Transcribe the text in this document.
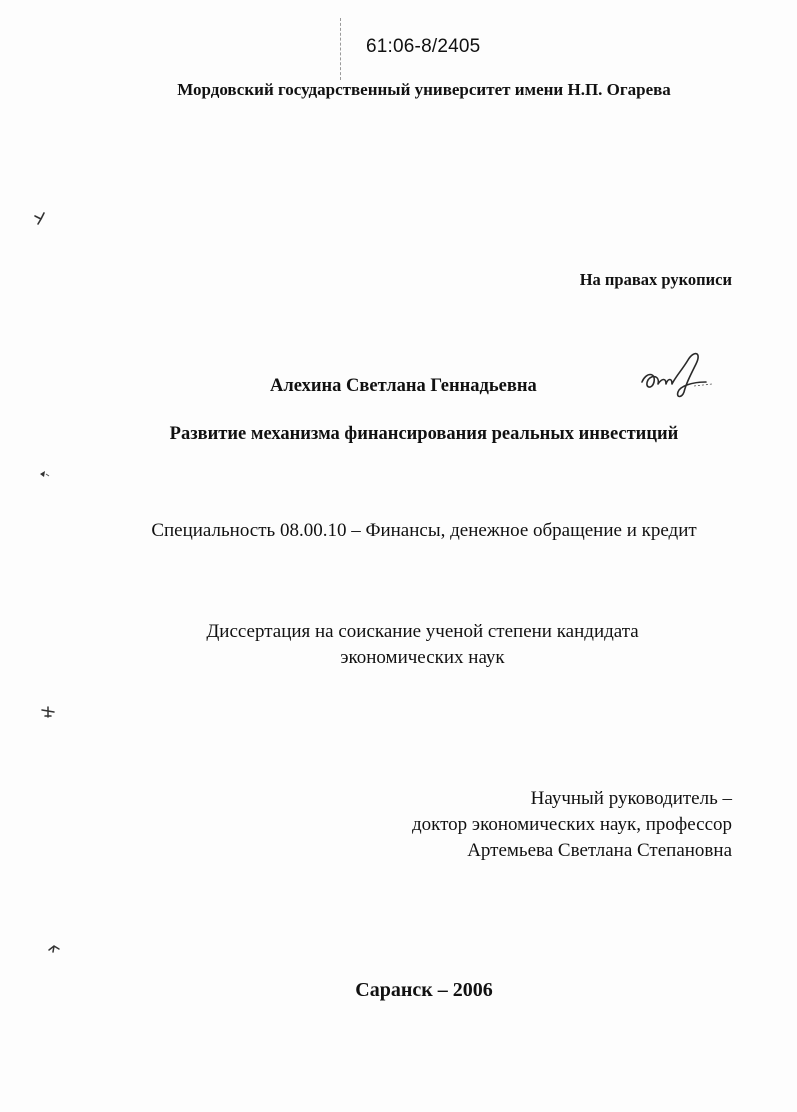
61:06-8/2405
Мордовский государственный университет имени Н.П. Огарева
На правах рукописи
Алехина Светлана Геннадьевна
Развитие механизма финансирования реальных инвестиций
Специальность 08.00.10 – Финансы, денежное обращение и кредит
Диссертация на соискание ученой степени кандидата
экономических наук
Научный руководитель –
доктор экономических наук, профессор
Артемьева Светлана Степановна
Саранск – 2006
